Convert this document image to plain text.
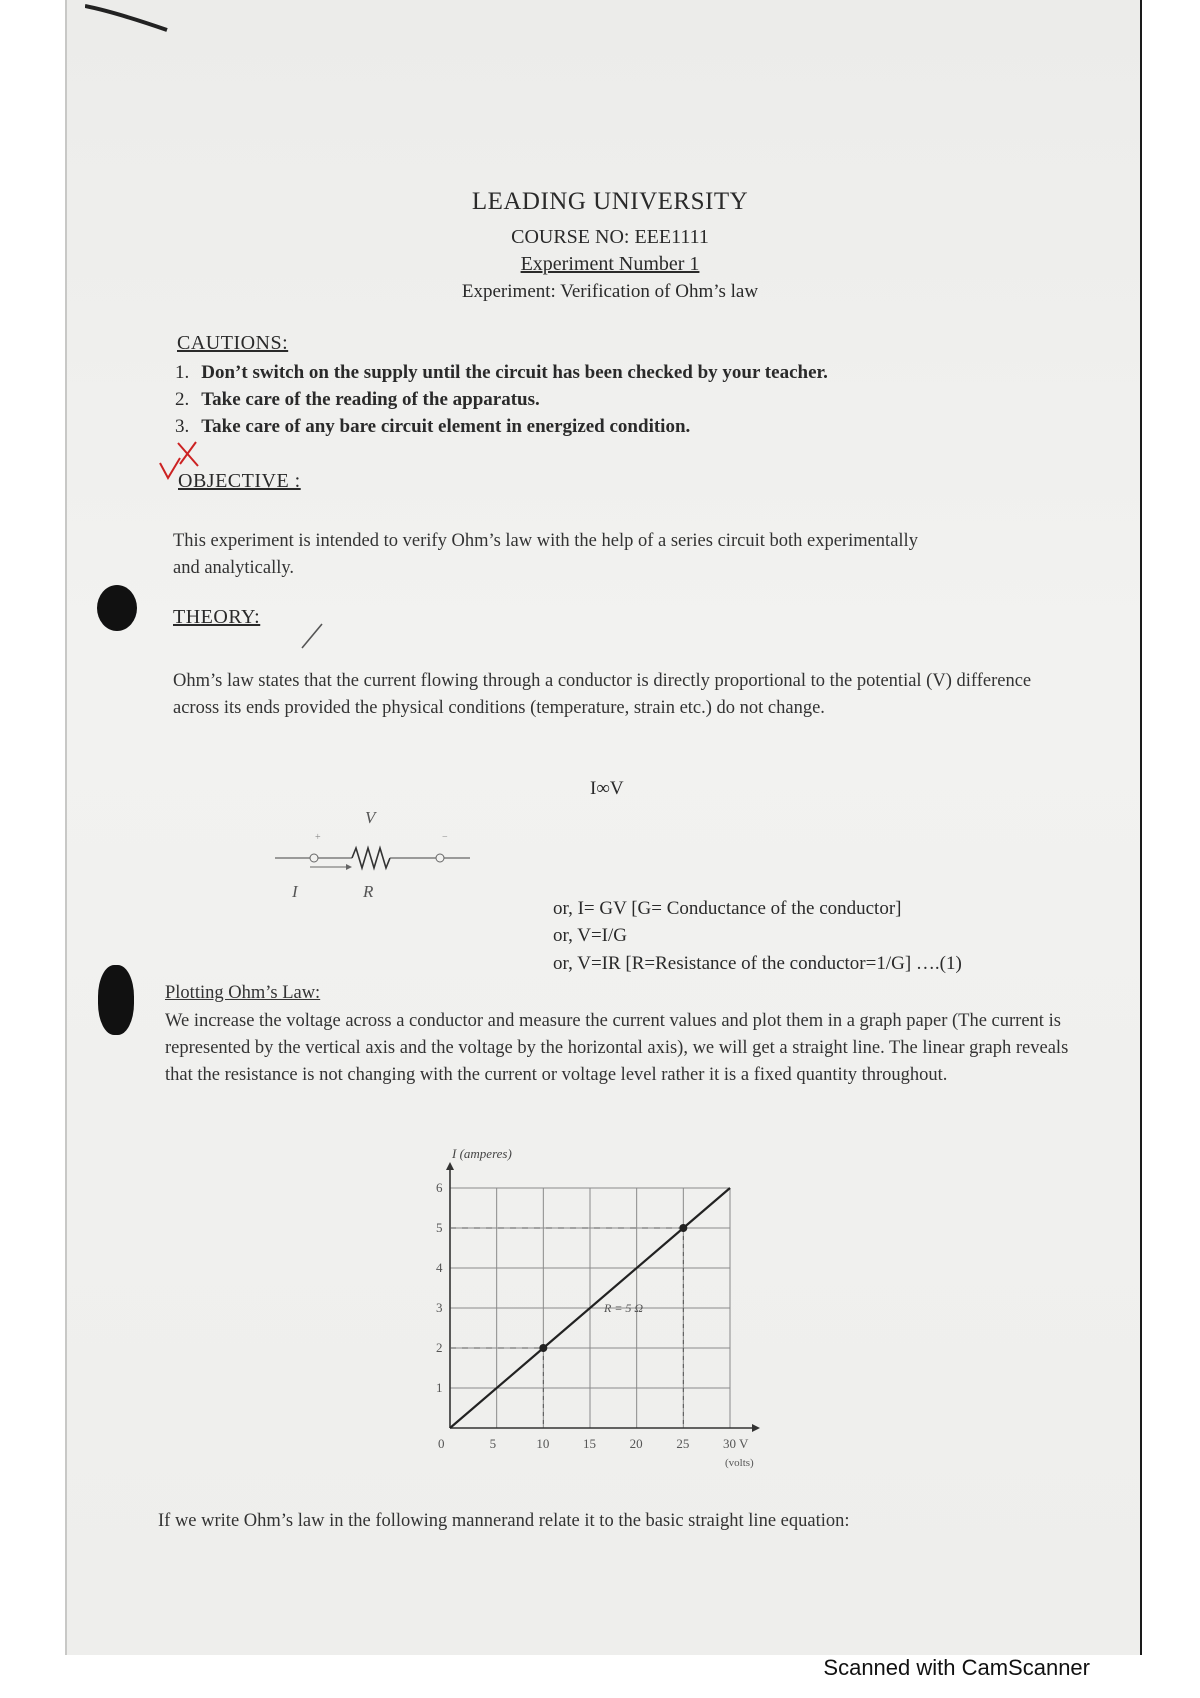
LEADING UNIVERSITY
COURSE NO: EEE1111
Experiment Number 1
Experiment: Verification of Ohm’s law
CAUTIONS:
1. Don’t switch on the supply until the circuit has been checked by your teacher.
2. Take care of the reading of the apparatus.
3. Take care of any bare circuit element in energized condition.
OBJECTIVE :
This experiment is intended to verify Ohm’s law with the help of a series circuit both experimentally and analytically.
THEORY:
Ohm’s law states that the current flowing through a conductor is directly proportional to the potential (V) difference across its ends provided the physical conditions (temperature, strain etc.) do not change.
I∞V
V
+	−
I	R
or, I= GV [G= Conductance of the conductor]
or, V=I/G
or, V=IR [R=Resistance of the conductor=1/G] ….(1)
Plotting Ohm’s Law:
We increase the voltage across a conductor and measure the current values and plot them in a graph paper (The current is represented by the vertical axis and the voltage by the horizontal axis), we will get a straight line. The linear graph reveals that the resistance is not changing with the current or voltage level rather it is a fixed quantity throughout.
0	5	10	15	20	25	30 V
1
2
3
4
5
6
I (amperes)
(volts)
R = 5 Ω
If we write Ohm’s law in the following mannerand relate it to the basic straight line equation:
Scanned with CamScanner
